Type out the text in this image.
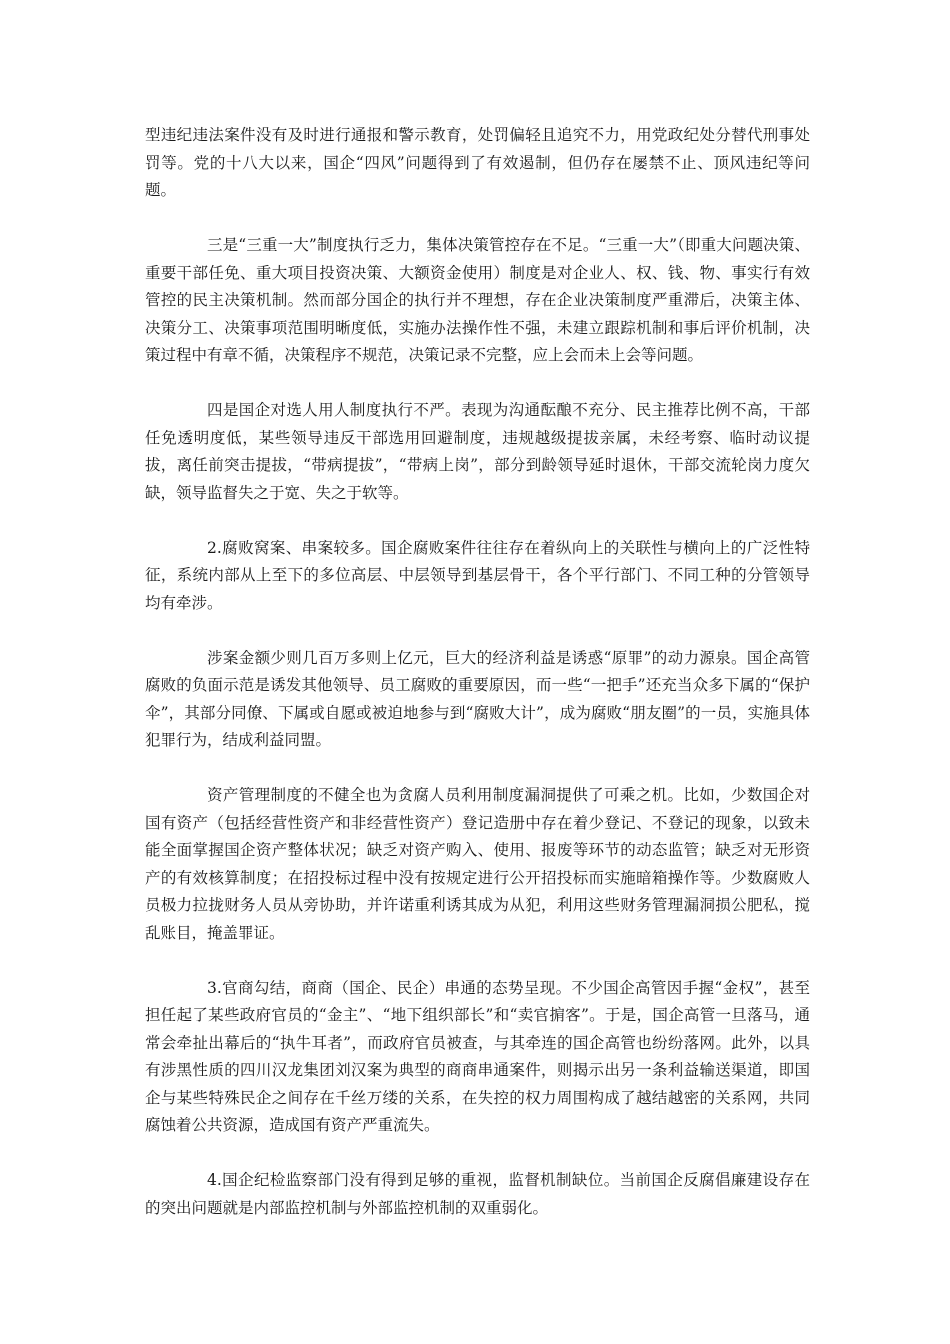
型违纪违法案件没有及时进行通报和警示教育，处罚偏轻且追究不力，用党政纪处分替代刑事处罚等。党的十八大以来，国企“四风”问题得到了有效遏制，但仍存在屡禁不止、顶风违纪等问题。

三是“三重一大”制度执行乏力，集体决策管控存在不足。“三重一大”（即重大问题决策、重要干部任免、重大项目投资决策、大额资金使用）制度是对企业人、权、钱、物、事实行有效管控的民主决策机制。然而部分国企的执行并不理想，存在企业决策制度严重滞后，决策主体、决策分工、决策事项范围明晰度低，实施办法操作性不强，未建立跟踪机制和事后评价机制，决策过程中有章不循，决策程序不规范，决策记录不完整，应上会而未上会等问题。

四是国企对选人用人制度执行不严。表现为沟通酝酿不充分、民主推荐比例不高，干部任免透明度低，某些领导违反干部选用回避制度，违规越级提拔亲属，未经考察、临时动议提拔，离任前突击提拔，“带病提拔”，“带病上岗”，部分到龄领导延时退休，干部交流轮岗力度欠缺，领导监督失之于宽、失之于软等。

2.腐败窝案、串案较多。国企腐败案件往往存在着纵向上的关联性与横向上的广泛性特征，系统内部从上至下的多位高层、中层领导到基层骨干，各个平行部门、不同工种的分管领导均有牵涉。

涉案金额少则几百万多则上亿元，巨大的经济利益是诱惑“原罪”的动力源泉。国企高管腐败的负面示范是诱发其他领导、员工腐败的重要原因，而一些“一把手”还充当众多下属的“保护伞”，其部分同僚、下属或自愿或被迫地参与到“腐败大计”，成为腐败“朋友圈”的一员，实施具体犯罪行为，结成利益同盟。

资产管理制度的不健全也为贪腐人员利用制度漏洞提供了可乘之机。比如，少数国企对国有资产（包括经营性资产和非经营性资产）登记造册中存在着少登记、不登记的现象，以致未能全面掌握国企资产整体状况；缺乏对资产购入、使用、报废等环节的动态监管；缺乏对无形资产的有效核算制度；在招投标过程中没有按规定进行公开招投标而实施暗箱操作等。少数腐败人员极力拉拢财务人员从旁协助，并许诺重利诱其成为从犯，利用这些财务管理漏洞损公肥私，搅乱账目，掩盖罪证。

3.官商勾结，商商（国企、民企）串通的态势呈现。不少国企高管因手握“金权”，甚至担任起了某些政府官员的“金主”、“地下组织部长”和“卖官掮客”。于是，国企高管一旦落马，通常会牵扯出幕后的“执牛耳者”，而政府官员被查，与其牵连的国企高管也纷纷落网。此外，以具有涉黑性质的四川汉龙集团刘汉案为典型的商商串通案件，则揭示出另一条利益输送渠道，即国企与某些特殊民企之间存在千丝万缕的关系，在失控的权力周围构成了越结越密的关系网，共同腐蚀着公共资源，造成国有资产严重流失。

4.国企纪检监察部门没有得到足够的重视，监督机制缺位。当前国企反腐倡廉建设存在的突出问题就是内部监控机制与外部监控机制的双重弱化。
